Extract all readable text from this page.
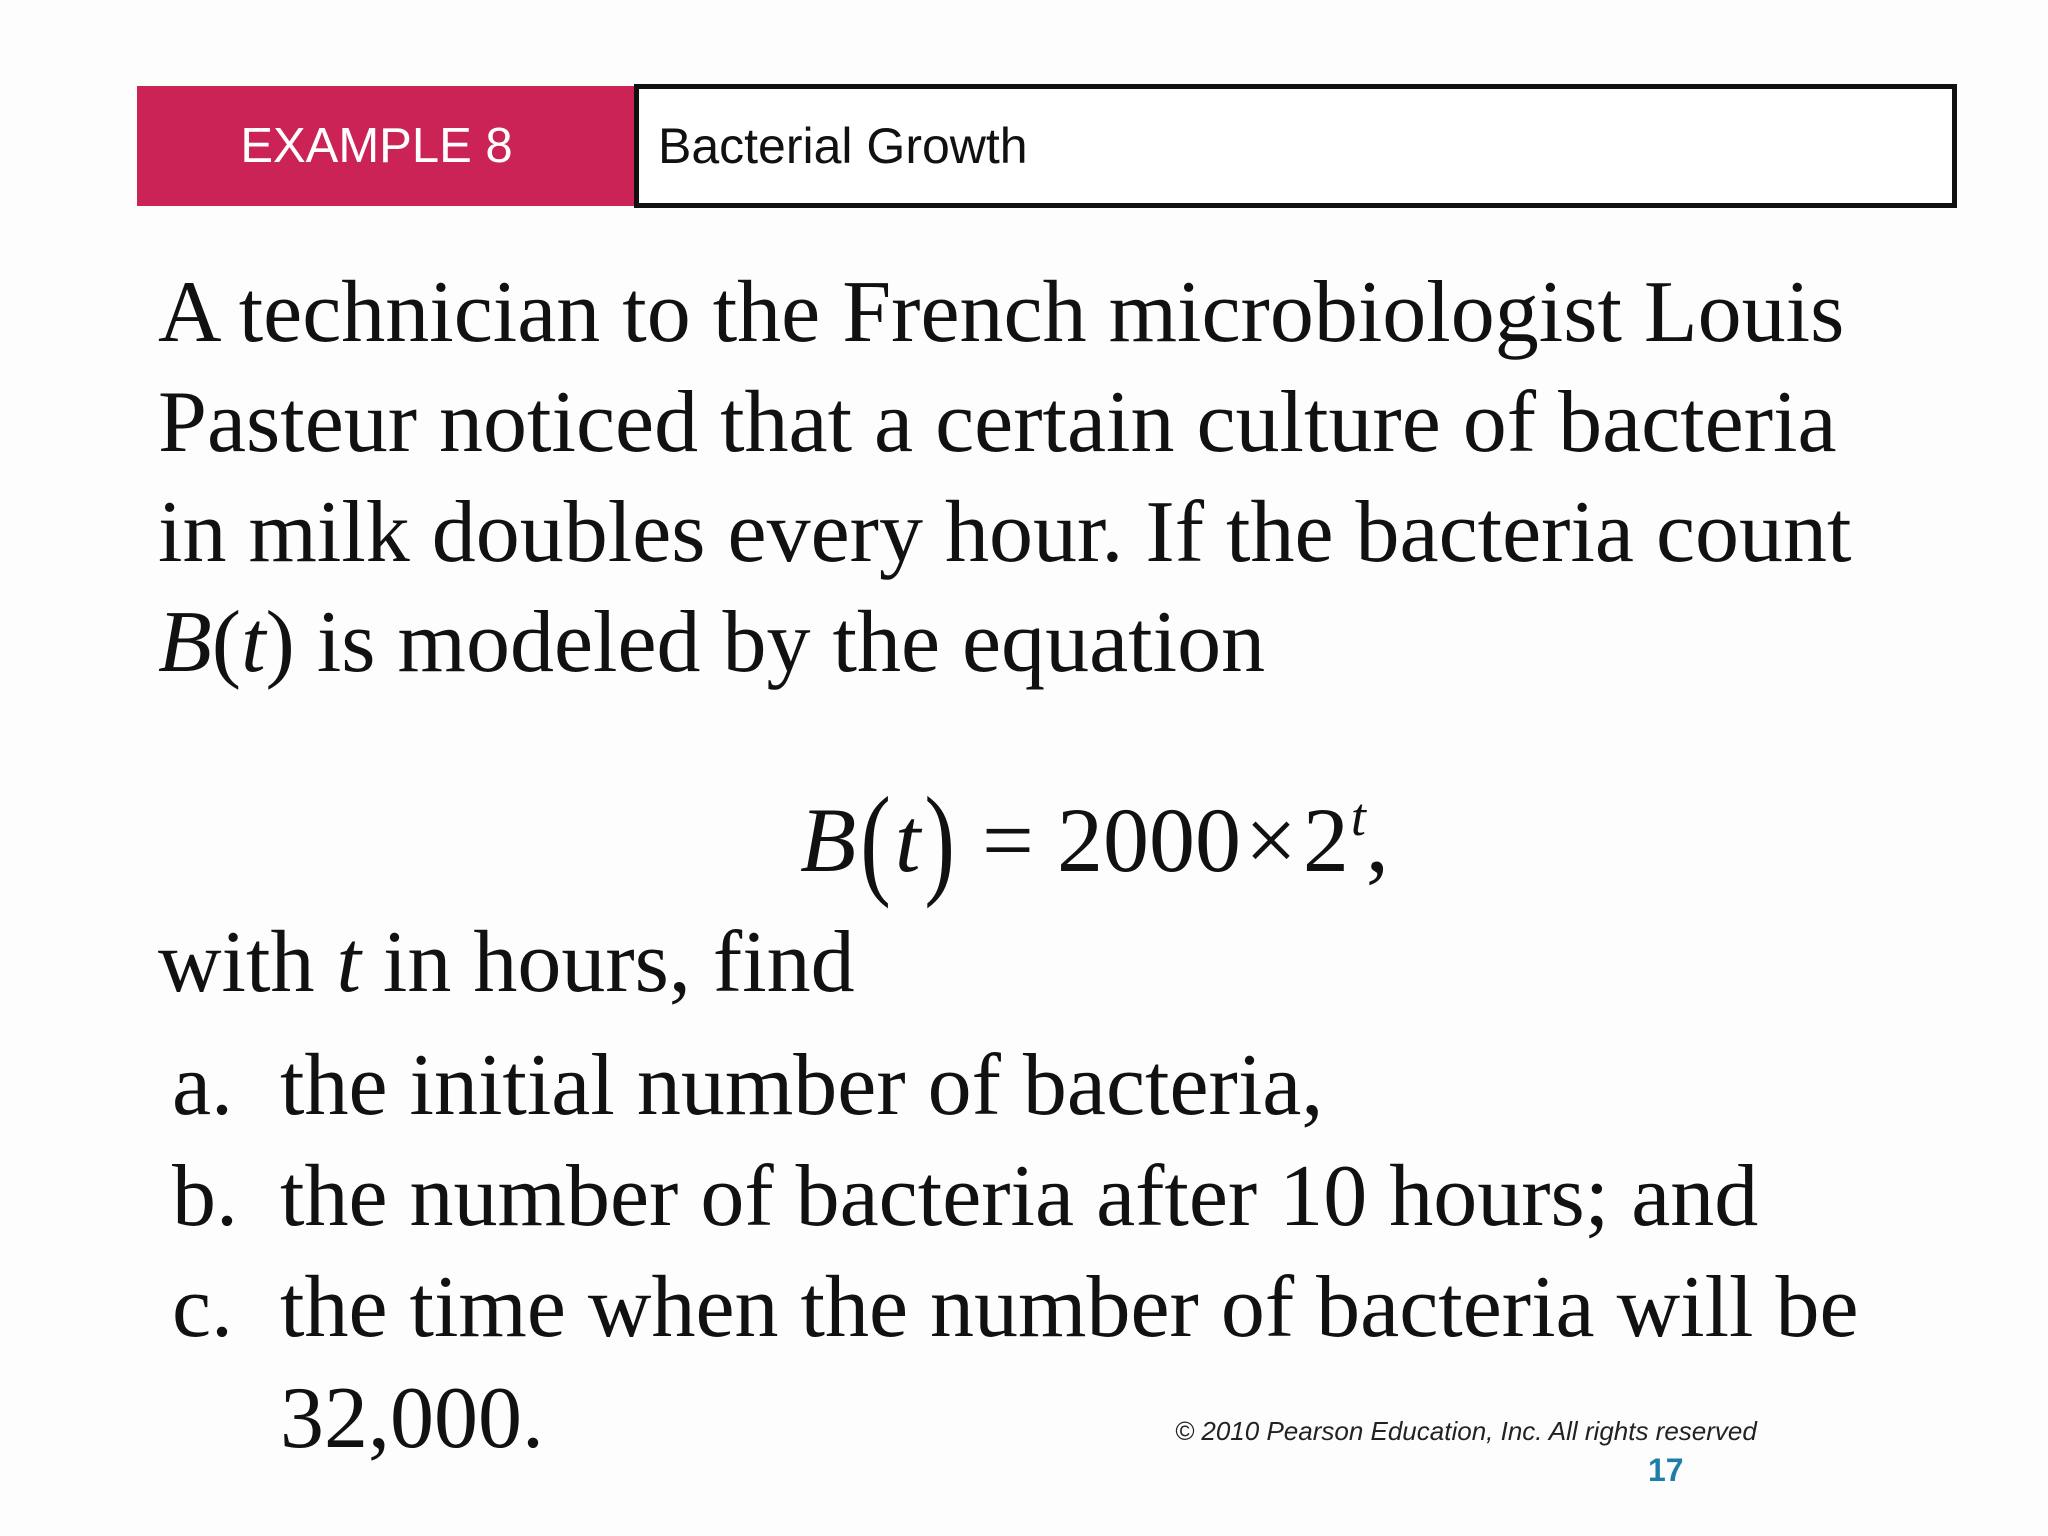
EXAMPLE 8	Bacterial Growth
A technician to the French microbiologist Louis
Pasteur noticed that a certain culture of bacteria
in milk doubles every hour. If the bacteria count
B(t) is modeled by the equation
$B(t) = 2000\times 2^t$,
with t in hours, find
a. the initial number of bacteria,
b. the number of bacteria after 10 hours; and
c. the time when the number of bacteria will be
32,000.	© 2010 Pearson Education, Inc. All rights reserved
17
